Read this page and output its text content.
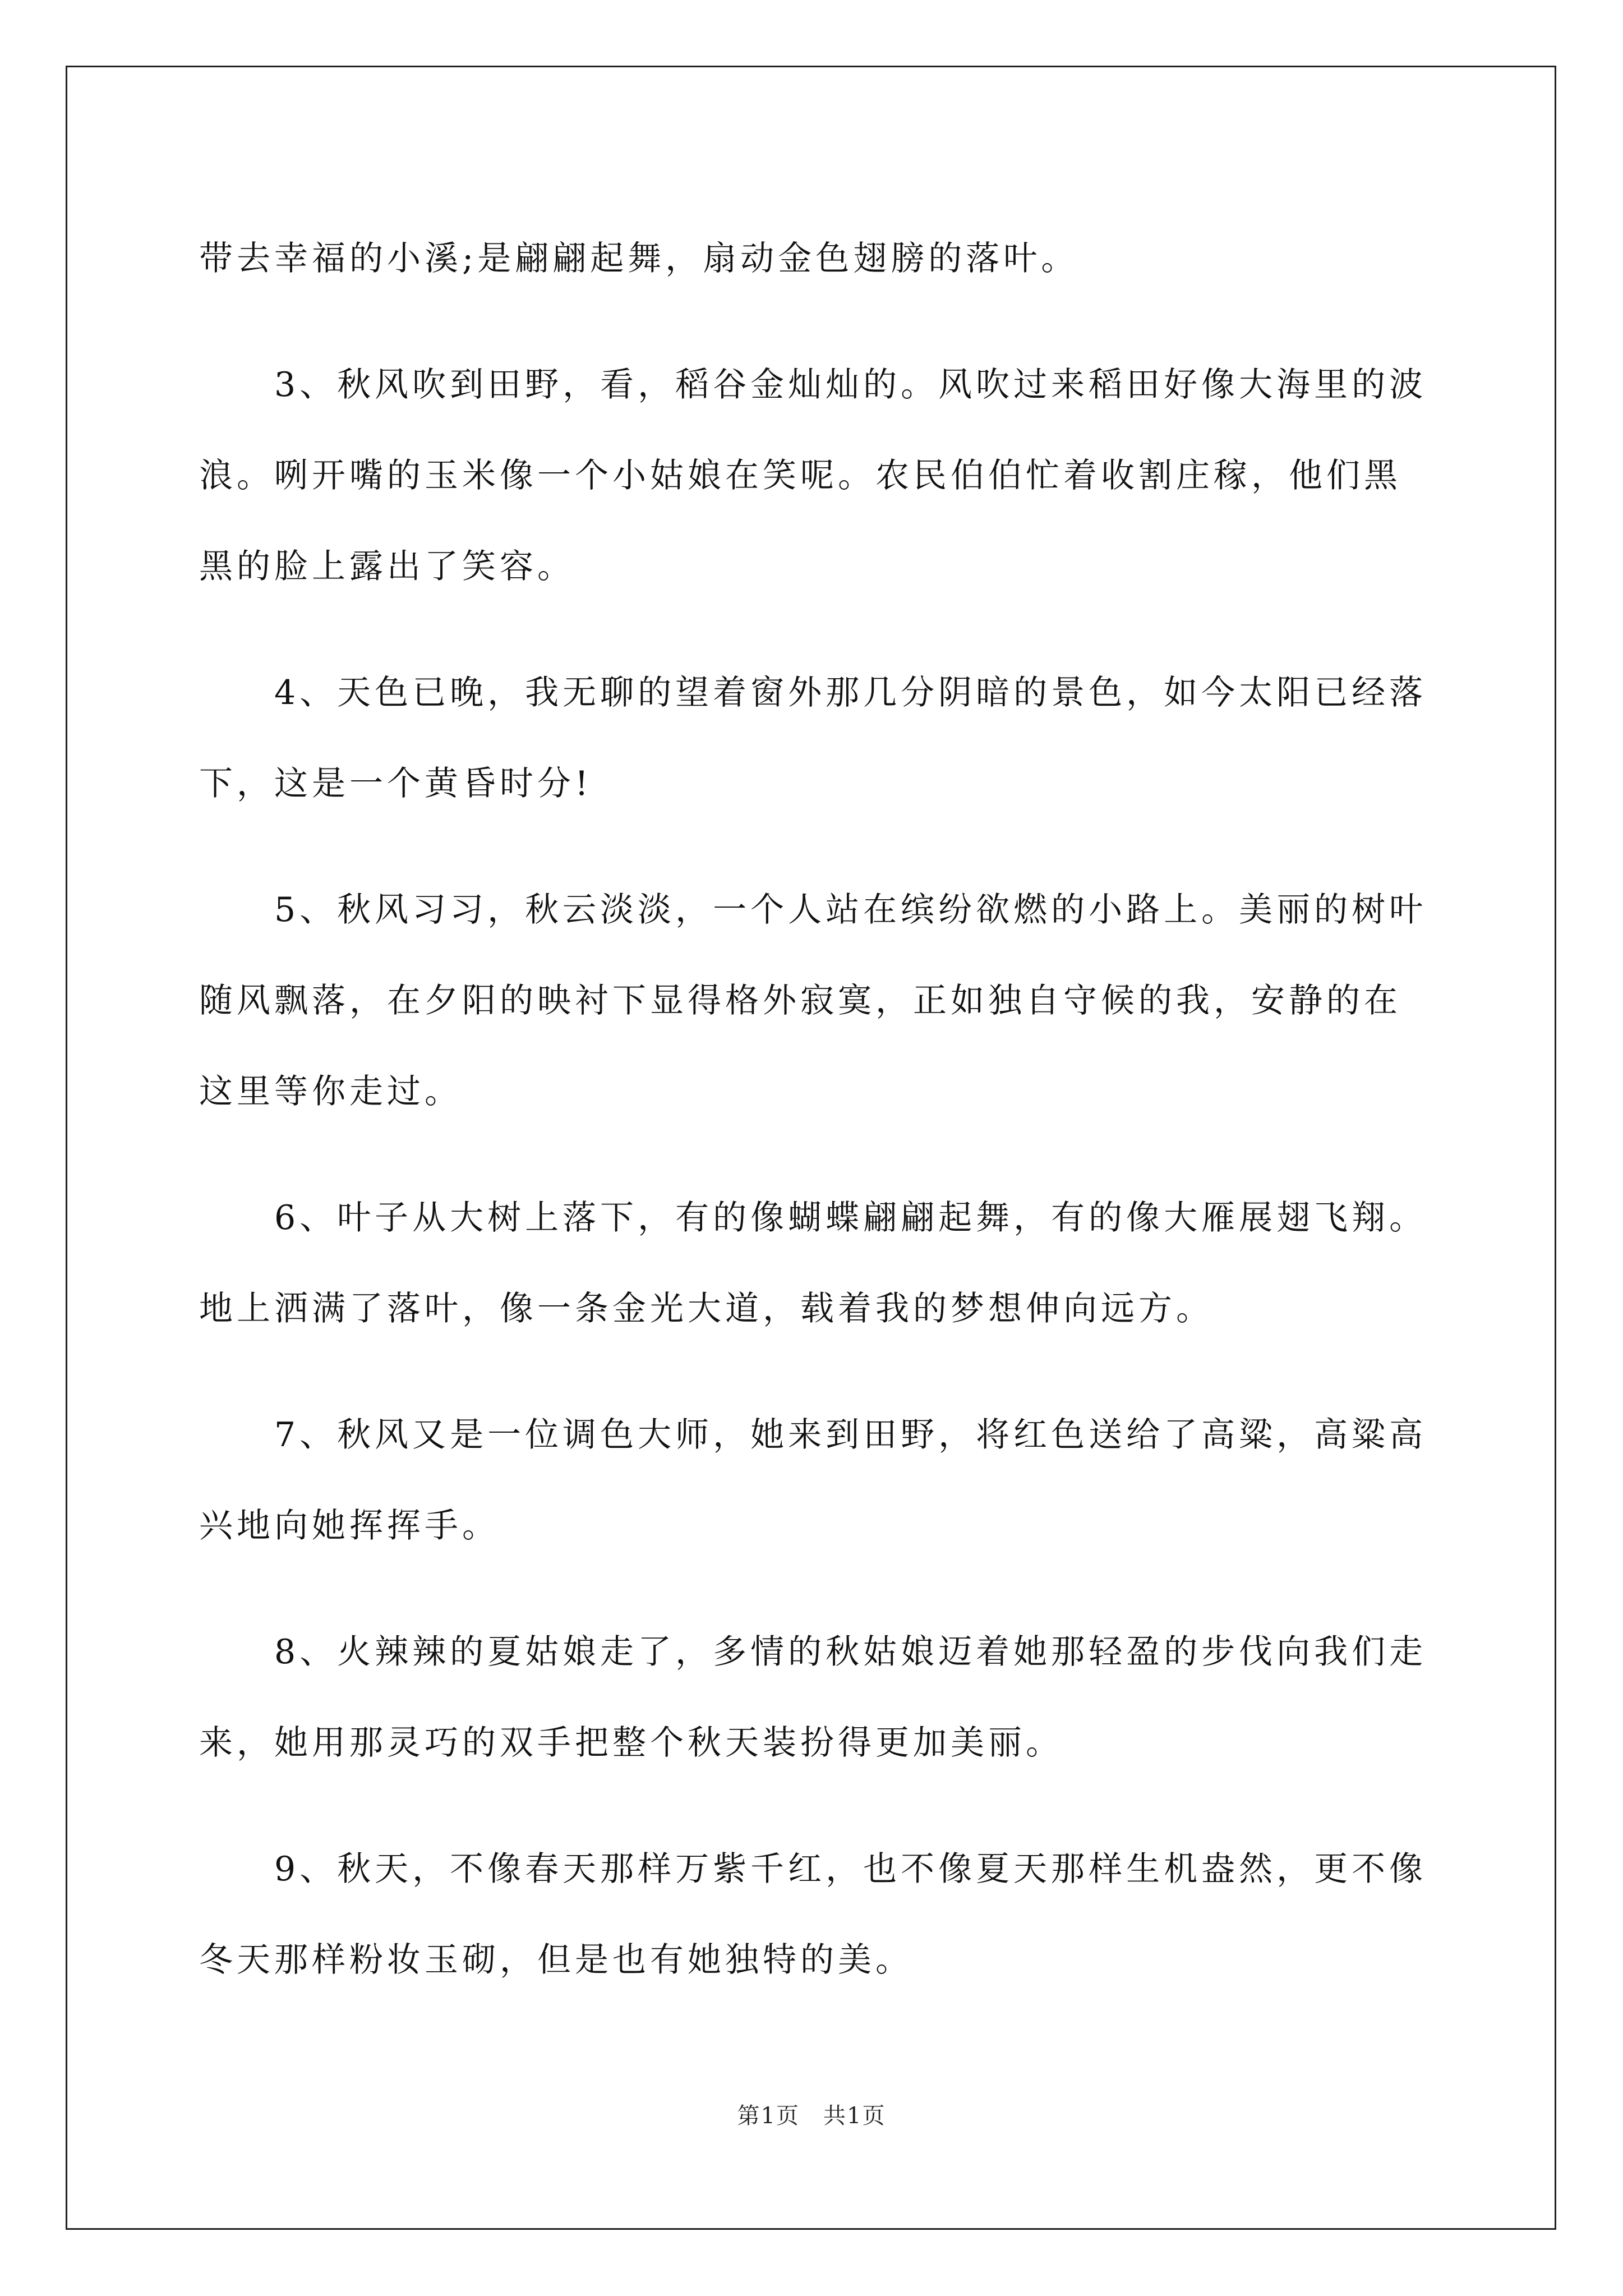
带去幸福的小溪;是翩翩起舞，扇动金色翅膀的落叶。

　　3、秋风吹到田野，看，稻谷金灿灿的。风吹过来稻田好像大海里的波浪。咧开嘴的玉米像一个小姑娘在笑呢。农民伯伯忙着收割庄稼，他们黑黑的脸上露出了笑容。

　　4、天色已晚，我无聊的望着窗外那几分阴暗的景色，如今太阳已经落下，这是一个黄昏时分!

　　5、秋风习习，秋云淡淡，一个人站在缤纷欲燃的小路上。美丽的树叶随风飘落，在夕阳的映衬下显得格外寂寞，正如独自守候的我，安静的在这里等你走过。

　　6、叶子从大树上落下，有的像蝴蝶翩翩起舞，有的像大雁展翅飞翔。地上洒满了落叶，像一条金光大道，载着我的梦想伸向远方。

　　7、秋风又是一位调色大师，她来到田野，将红色送给了高粱，高粱高兴地向她挥挥手。

　　8、火辣辣的夏姑娘走了，多情的秋姑娘迈着她那轻盈的步伐向我们走来，她用那灵巧的双手把整个秋天装扮得更加美丽。

　　9、秋天，不像春天那样万紫千红，也不像夏天那样生机盎然，更不像冬天那样粉妆玉砌，但是也有她独特的美。

第1页　共1页
